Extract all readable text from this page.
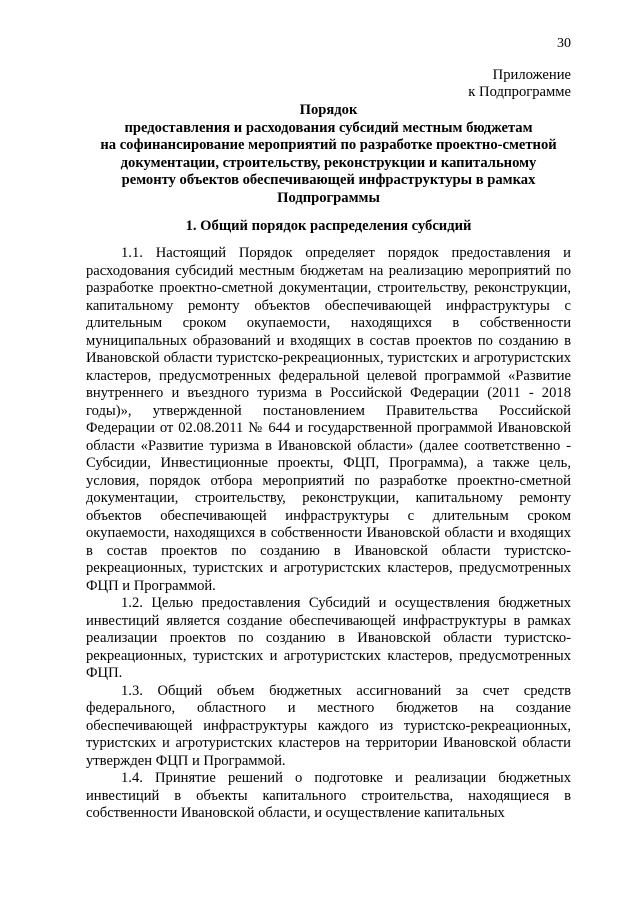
30
Приложение
к Подпрограмме
Порядок
предоставления и расходования субсидий местным бюджетам
на софинансирование мероприятий по разработке проектно-сметной
документации, строительству, реконструкции и капитальному
ремонту объектов обеспечивающей инфраструктуры в рамках
Подпрограммы
1. Общий порядок распределения субсидий

1.1. Настоящий Порядок определяет порядок предоставления и расходования субсидий местным бюджетам на реализацию мероприятий по разработке проектно-сметной документации, строительству, реконструкции, капитальному ремонту объектов обеспечивающей инфраструктуры с длительным сроком окупаемости, находящихся в собственности муниципальных образований и входящих в состав проектов по созданию в Ивановской области туристско-рекреационных, туристских и агротуристских кластеров, предусмотренных федеральной целевой программой «Развитие внутреннего и въездного туризма в Российской Федерации (2011 - 2018 годы)», утвержденной постановлением Правительства Российской Федерации от 02.08.2011 № 644 и государственной программой Ивановской области «Развитие туризма в Ивановской области» (далее соответственно - Субсидии, Инвестиционные проекты, ФЦП, Программа), а также цель, условия, порядок отбора мероприятий по разработке проектно-сметной документации, строительству, реконструкции, капитальному ремонту объектов обеспечивающей инфраструктуры с длительным сроком окупаемости, находящихся в собственности Ивановской области и входящих в состав проектов по созданию в Ивановской области туристско-рекреационных, туристских и агротуристских кластеров, предусмотренных ФЦП и Программой.

1.2. Целью предоставления Субсидий и осуществления бюджетных инвестиций является создание обеспечивающей инфраструктуры в рамках реализации проектов по созданию в Ивановской области туристско-рекреационных, туристских и агротуристских кластеров, предусмотренных ФЦП.

1.3. Общий объем бюджетных ассигнований за счет средств федерального, областного и местного бюджетов на создание обеспечивающей инфраструктуры каждого из туристско-рекреационных, туристских и агротуристских кластеров на территории Ивановской области утвержден ФЦП и Программой.

1.4. Принятие решений о подготовке и реализации бюджетных инвестиций в объекты капитального строительства, находящиеся в собственности Ивановской области, и осуществление капитальных
